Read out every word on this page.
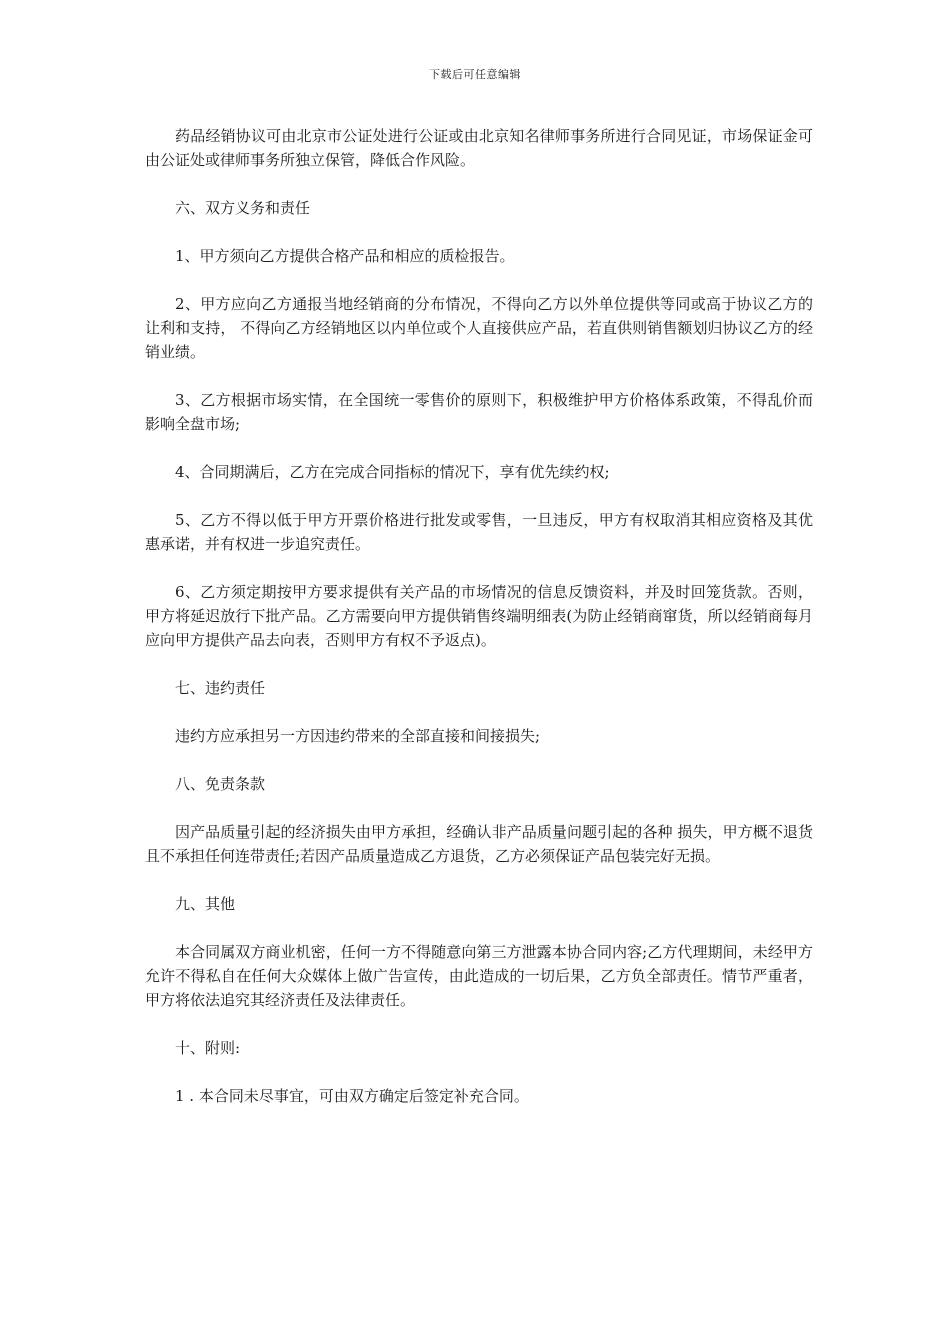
下载后可任意编辑

药品经销协议可由北京市公证处进行公证或由北京知名律师事务所进行合同见证，市场保证金可由公证处或律师事务所独立保管，降低合作风险。

六、双方义务和责任

1、甲方须向乙方提供合格产品和相应的质检报告。

2、甲方应向乙方通报当地经销商的分布情况，不得向乙方以外单位提供等同或高于协议乙方的让利和支持， 不得向乙方经销地区以内单位或个人直接供应产品，若直供则销售额划归协议乙方的经销业绩。

3、乙方根据市场实情，在全国统一零售价的原则下，积极维护甲方价格体系政策，不得乱价而影响全盘市场;

4、合同期满后，乙方在完成合同指标的情况下，享有优先续约权;

5、乙方不得以低于甲方开票价格进行批发或零售，一旦违反，甲方有权取消其相应资格及其优惠承诺，并有权进一步追究责任。

6、乙方须定期按甲方要求提供有关产品的市场情况的信息反馈资料，并及时回笼货款。否则，甲方将延迟放行下批产品。乙方需要向甲方提供销售终端明细表(为防止经销商窜货，所以经销商每月应向甲方提供产品去向表，否则甲方有权不予返点)。

七、违约责任

违约方应承担另一方因违约带来的全部直接和间接损失;

八、免责条款

因产品质量引起的经济损失由甲方承担，经确认非产品质量问题引起的各种 损失，甲方概不退货且不承担任何连带责任;若因产品质量造成乙方退货，乙方必须保证产品包装完好无损。

九、其他

本合同属双方商业机密，任何一方不得随意向第三方泄露本协合同内容;乙方代理期间，未经甲方允许不得私自在任何大众媒体上做广告宣传，由此造成的一切后果，乙方负全部责任。情节严重者，甲方将依法追究其经济责任及法律责任。

十、附则:

1 . 本合同未尽事宜，可由双方确定后签定补充合同。
